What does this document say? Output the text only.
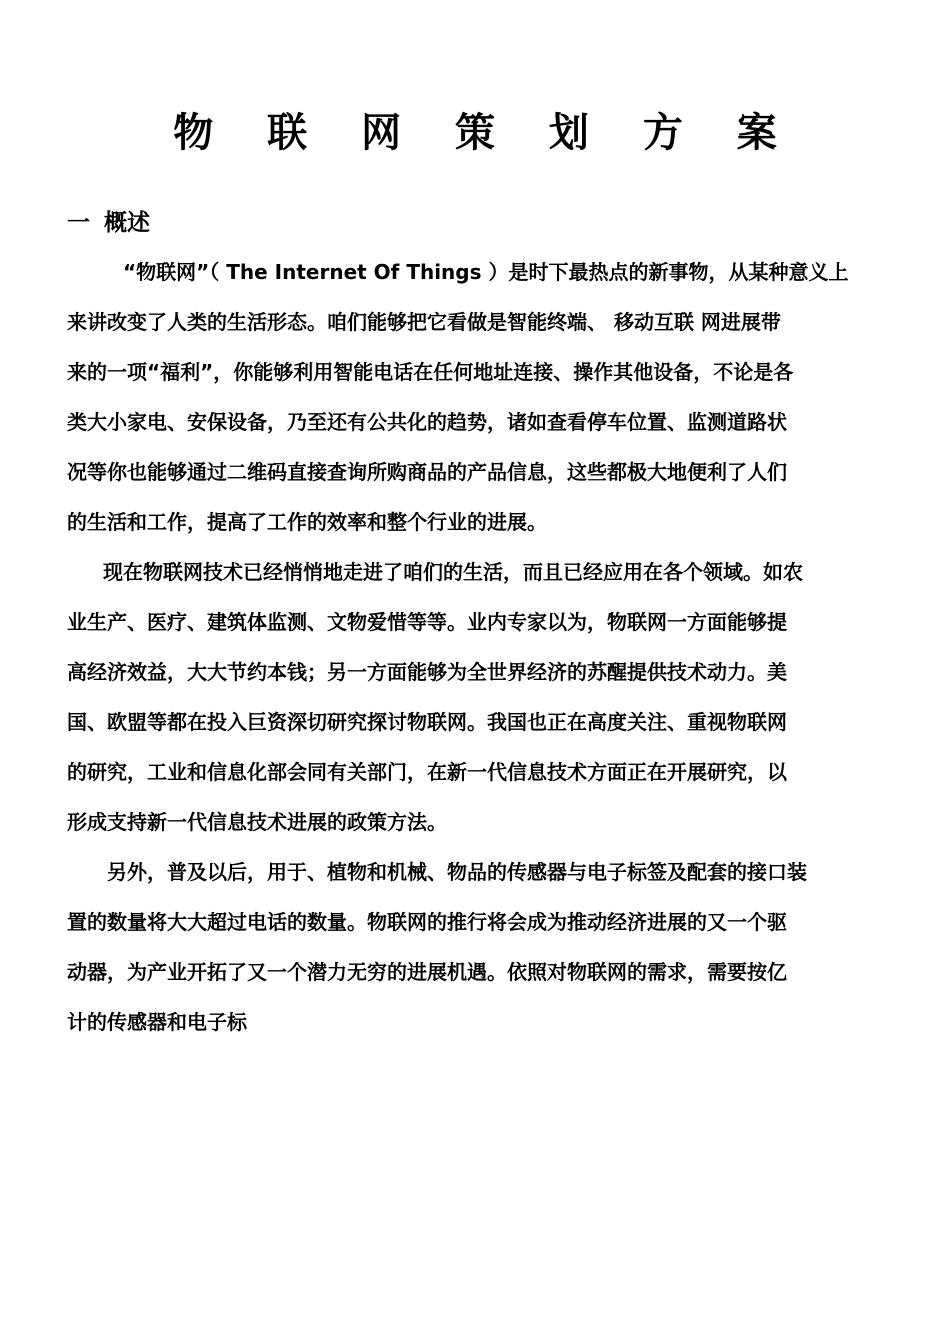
物 联 网 策 划 方 案
一 概述
“物联网”（ The Internet Of Things ）是时下最热点的新事物，从某种意义上
来讲改变了人类的生活形态。咱们能够把它看做是智能终端、 移动互联 网进展带
来的一项“福利”，你能够利用智能电话在任何地址连接、操作其他设备，不论是各
类大小家电、安保设备，乃至还有公共化的趋势，诸如查看停车位置、监测道路状
况等你也能够通过二维码直接查询所购商品的产品信息，这些都极大地便利了人们
的生活和工作，提高了工作的效率和整个行业的进展。
现在物联网技术已经悄悄地走进了咱们的生活，而且已经应用在各个领域。如农
业生产、医疗、建筑体监测、文物爱惜等等。业内专家以为，物联网一方面能够提
高经济效益，大大节约本钱；另一方面能够为全世界经济的苏醒提供技术动力。美
国、欧盟等都在投入巨资深切研究探讨物联网。我国也正在高度关注、重视物联网
的研究，工业和信息化部会同有关部门，在新一代信息技术方面正在开展研究，以
形成支持新一代信息技术进展的政策方法。
另外，普及以后，用于、植物和机械、物品的传感器与电子标签及配套的接口装
置的数量将大大超过电话的数量。物联网的推行将会成为推动经济进展的又一个驱
动器，为产业开拓了又一个潜力无穷的进展机遇。依照对物联网的需求，需要按亿
计的传感器和电子标
